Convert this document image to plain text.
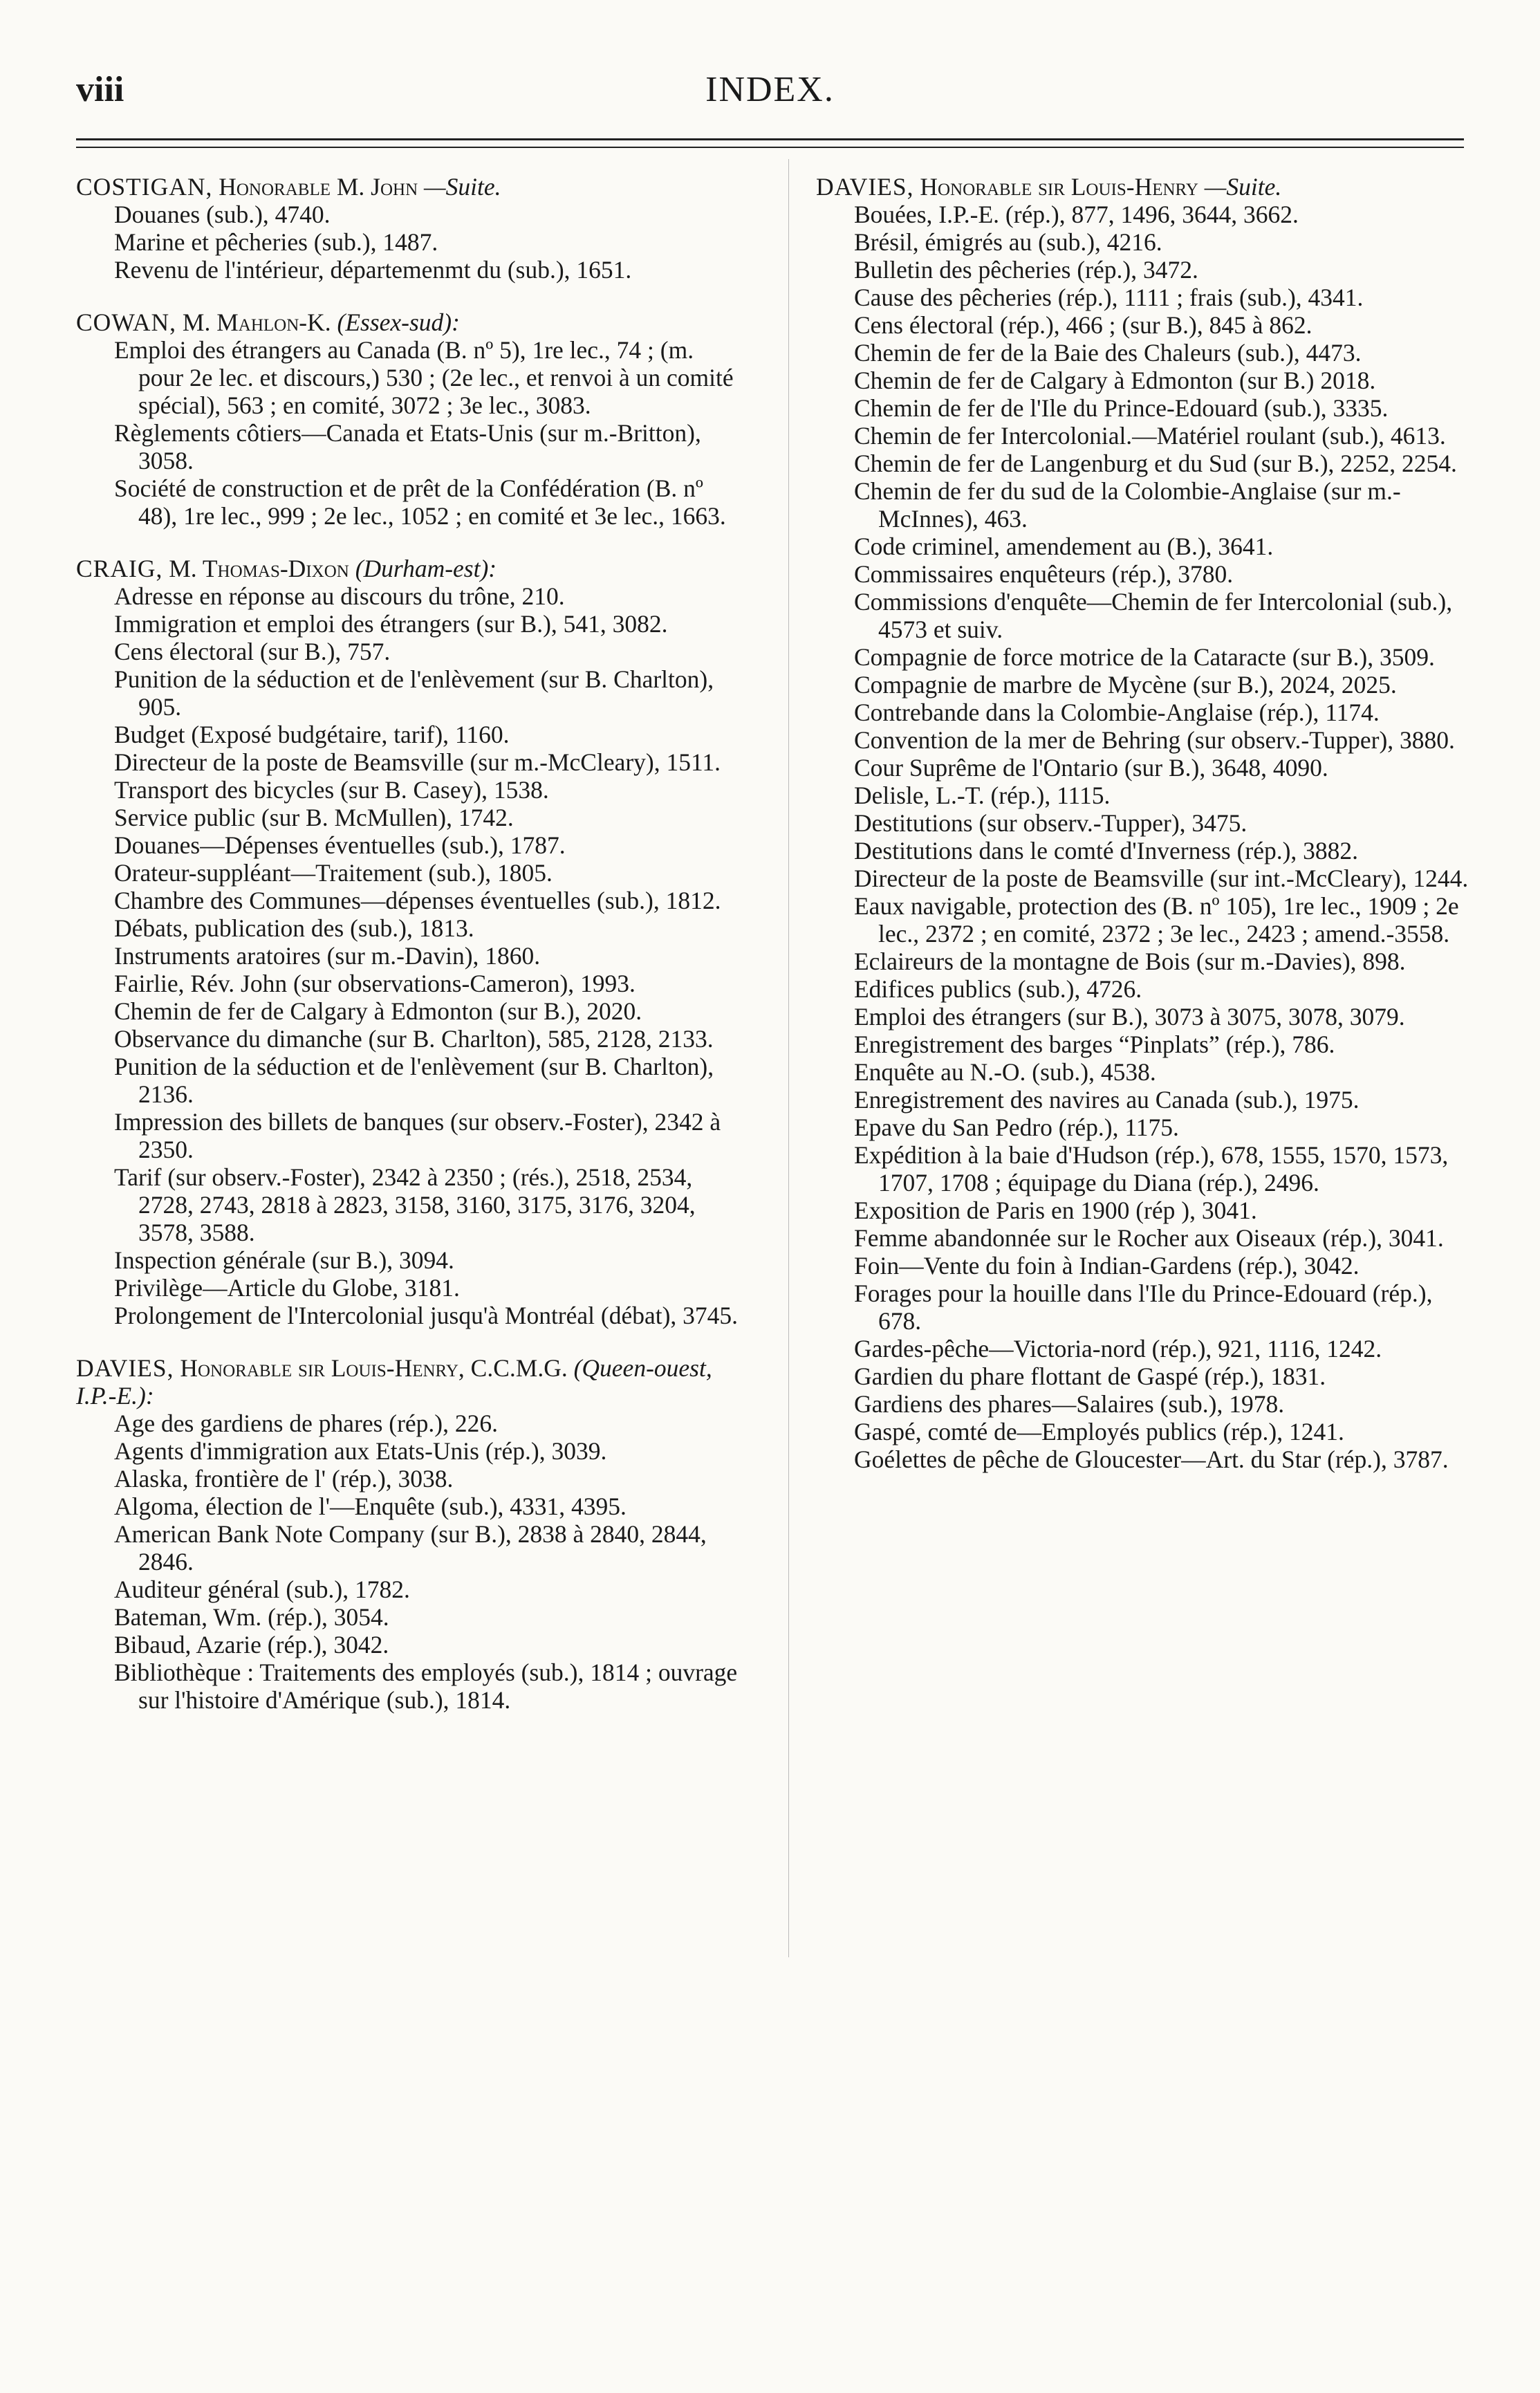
viii	INDEX.
COSTIGAN, Honorable M. John —Suite.
Douanes (sub.), 4740.
Marine et pêcheries (sub.), 1487.
Revenu de l'intérieur, départemenmt du (sub.), 1651.
COWAN, M. Mahlon-K. (Essex-sud):
Emploi des étrangers au Canada (B. nº 5), 1re lec., 74 ; (m. pour 2e lec. et discours,) 530 ; (2e lec., et renvoi à un comité spécial), 563 ; en comité, 3072 ; 3e lec., 3083.
Règlements côtiers—Canada et Etats-Unis (sur m.-Britton), 3058.
Société de construction et de prêt de la Confédération (B. nº 48), 1re lec., 999 ; 2e lec., 1052 ; en comité et 3e lec., 1663.
CRAIG, M. Thomas-Dixon (Durham-est):
Adresse en réponse au discours du trône, 210.
Immigration et emploi des étrangers (sur B.), 541, 3082.
Cens électoral (sur B.), 757.
Punition de la séduction et de l'enlèvement (sur B. Charlton), 905.
Budget (Exposé budgétaire, tarif), 1160.
Directeur de la poste de Beamsville (sur m.-McCleary), 1511.
Transport des bicycles (sur B. Casey), 1538.
Service public (sur B. McMullen), 1742.
Douanes—Dépenses éventuelles (sub.), 1787.
Orateur-suppléant—Traitement (sub.), 1805.
Chambre des Communes—dépenses éventuelles (sub.), 1812.
Débats, publication des (sub.), 1813.
Instruments aratoires (sur m.-Davin), 1860.
Fairlie, Rév. John (sur observations-Cameron), 1993.
Chemin de fer de Calgary à Edmonton (sur B.), 2020.
Observance du dimanche (sur B. Charlton), 585, 2128, 2133.
Punition de la séduction et de l'enlèvement (sur B. Charlton), 2136.
Impression des billets de banques (sur observ.-Foster), 2342 à 2350.
Tarif (sur observ.-Foster), 2342 à 2350 ; (rés.), 2518, 2534, 2728, 2743, 2818 à 2823, 3158, 3160, 3175, 3176, 3204, 3578, 3588.
Inspection générale (sur B.), 3094.
Privilège—Article du Globe, 3181.
Prolongement de l'Intercolonial jusqu'à Montréal (débat), 3745.
DAVIES, Honorable sir Louis-Henry, C.C.M.G. (Queen-ouest, I.P.-E.):
Age des gardiens de phares (rép.), 226.
Agents d'immigration aux Etats-Unis (rép.), 3039.
Alaska, frontière de l' (rép.), 3038.
Algoma, élection de l'—Enquête (sub.), 4331, 4395.
American Bank Note Company (sur B.), 2838 à 2840, 2844, 2846.
Auditeur général (sub.), 1782.
Bateman, Wm. (rép.), 3054.
Bibaud, Azarie (rép.), 3042.
Bibliothèque : Traitements des employés (sub.), 1814 ; ouvrage sur l'histoire d'Amérique (sub.), 1814.
DAVIES, Honorable sir Louis-Henry —Suite.
Bouées, I.P.-E. (rép.), 877, 1496, 3644, 3662.
Brésil, émigrés au (sub.), 4216.
Bulletin des pêcheries (rép.), 3472.
Cause des pêcheries (rép.), 1111 ; frais (sub.), 4341.
Cens électoral (rép.), 466 ; (sur B.), 845 à 862.
Chemin de fer de la Baie des Chaleurs (sub.), 4473.
Chemin de fer de Calgary à Edmonton (sur B.) 2018.
Chemin de fer de l'Ile du Prince-Edouard (sub.), 3335.
Chemin de fer Intercolonial.—Matériel roulant (sub.), 4613.
Chemin de fer de Langenburg et du Sud (sur B.), 2252, 2254.
Chemin de fer du sud de la Colombie-Anglaise (sur m.-McInnes), 463.
Code criminel, amendement au (B.), 3641.
Commissaires enquêteurs (rép.), 3780.
Commissions d'enquête—Chemin de fer Intercolonial (sub.), 4573 et suiv.
Compagnie de force motrice de la Cataracte (sur B.), 3509.
Compagnie de marbre de Mycène (sur B.), 2024, 2025.
Contrebande dans la Colombie-Anglaise (rép.), 1174.
Convention de la mer de Behring (sur observ.-Tupper), 3880.
Cour Suprême de l'Ontario (sur B.), 3648, 4090.
Delisle, L.-T. (rép.), 1115.
Destitutions (sur observ.-Tupper), 3475.
Destitutions dans le comté d'Inverness (rép.), 3882.
Directeur de la poste de Beamsville (sur int.-McCleary), 1244.
Eaux navigable, protection des (B. nº 105), 1re lec., 1909 ; 2e lec., 2372 ; en comité, 2372 ; 3e lec., 2423 ; amend.-3558.
Eclaireurs de la montagne de Bois (sur m.-Davies), 898.
Edifices publics (sub.), 4726.
Emploi des étrangers (sur B.), 3073 à 3075, 3078, 3079.
Enregistrement des barges “Pinplats” (rép.), 786.
Enquête au N.-O. (sub.), 4538.
Enregistrement des navires au Canada (sub.), 1975.
Epave du San Pedro (rép.), 1175.
Expédition à la baie d'Hudson (rép.), 678, 1555, 1570, 1573, 1707, 1708 ; équipage du Diana (rép.), 2496.
Exposition de Paris en 1900 (rép ), 3041.
Femme abandonnée sur le Rocher aux Oiseaux (rép.), 3041.
Foin—Vente du foin à Indian-Gardens (rép.), 3042.
Forages pour la houille dans l'Ile du Prince-Edouard (rép.), 678.
Gardes-pêche—Victoria-nord (rép.), 921, 1116, 1242.
Gardien du phare flottant de Gaspé (rép.), 1831.
Gardiens des phares—Salaires (sub.), 1978.
Gaspé, comté de—Employés publics (rép.), 1241.
Goélettes de pêche de Gloucester—Art. du Star (rép.), 3787.
